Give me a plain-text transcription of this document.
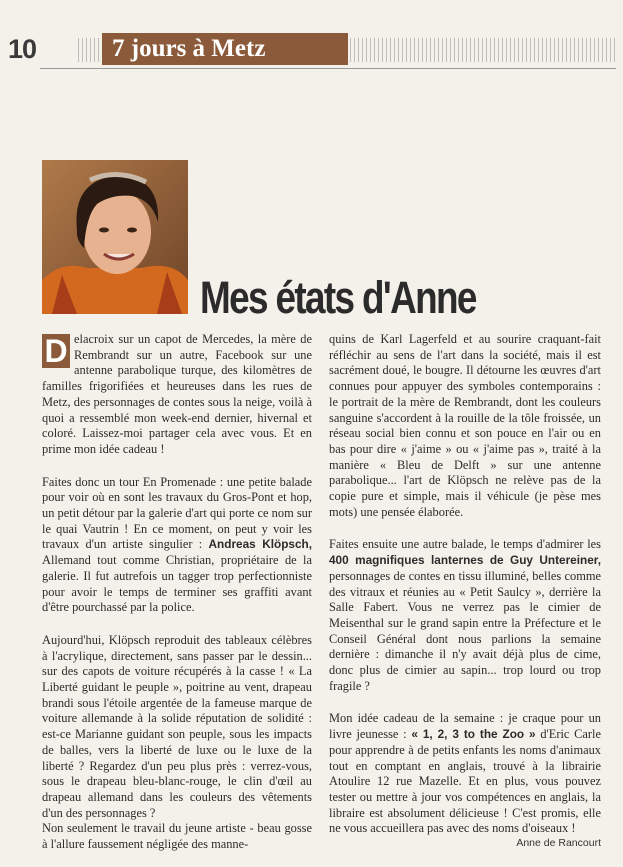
10	7 jours à Metz
Mes états d'Anne

D elacroix sur un capot de Mercedes, la mère de Rembrandt sur un autre, Facebook sur une antenne parabolique turque, des kilomètres de familles frigorifiées et heureuses dans les rues de Metz, des personnages de contes sous la neige, voilà à quoi a ressemblé mon week-end dernier, hivernal et coloré. Laissez-moi partager cela avec vous. Et en prime mon idée cadeau !

Faites donc un tour En Promenade : une petite balade pour voir où en sont les travaux du Gros-Pont et hop, un petit détour par la galerie d'art qui porte ce nom sur le quai Vautrin ! En ce moment, on peut y voir les travaux d'un artiste singulier : Andreas Klöpsch, Allemand tout comme Christian, propriétaire de la galerie. Il fut autrefois un tagger trop perfectionniste pour avoir le temps de terminer ses graffiti avant d'être pourchassé par la police.

Aujourd'hui, Klöpsch reproduit des tableaux célèbres à l'acrylique, directement, sans passer par le dessin... sur des capots de voiture récupérés à la casse ! « La Liberté guidant le peuple », poitrine au vent, drapeau brandi sous l'étoile argentée de la fameuse marque de voiture allemande à la solide réputation de solidité : est-ce Marianne guidant son peuple, sous les impacts de balles, vers la liberté de luxe ou le luxe de la liberté ? Regardez d'un peu plus près : verrez-vous, sous le drapeau bleu-blanc-rouge, le clin d'œil au drapeau allemand dans les couleurs des vêtements d'un des personnages ?

Non seulement le travail du jeune artiste - beau gosse à l'allure faussement négligée des manne-

quins de Karl Lagerfeld et au sourire craquant-fait réfléchir au sens de l'art dans la société, mais il est sacrément doué, le bougre. Il détourne les œuvres d'art connues pour appuyer des symboles contemporains : le portrait de la mère de Rembrandt, dont les couleurs sanguine s'accordent à la rouille de la tôle froissée, un réseau social bien connu et son pouce en l'air ou en bas pour dire « j'aime » ou « j'aime pas », traité à la manière « Bleu de Delft » sur une antenne parabolique... l'art de Klöpsch ne relève pas de la copie pure et simple, mais il véhicule (je pèse mes mots) une pensée élaborée.

Faites ensuite une autre balade, le temps d'admirer les 400 magnifiques lanternes de Guy Untereiner, personnages de contes en tissu illuminé, belles comme des vitraux et réunies au « Petit Saulcy », derrière la Salle Fabert. Vous ne verrez pas le cimier de Meisenthal sur le grand sapin entre la Préfecture et le Conseil Général dont nous parlions la semaine dernière : dimanche il n'y avait déjà plus de cime, donc plus de cimier au sapin... trop lourd ou trop fragile ?

Mon idée cadeau de la semaine : je craque pour un livre jeunesse : « 1, 2, 3 to the Zoo » d'Eric Carle pour apprendre à de petits enfants les noms d'animaux tout en comptant en anglais, trouvé à la librairie Atoulire 12 rue Mazelle. Et en plus, vous pouvez tester ou mettre à jour vos compétences en anglais, la libraire est absolument délicieuse ! C'est promis, elle ne vous accueillera pas avec des noms d'oiseaux !

Anne de Rancourt
